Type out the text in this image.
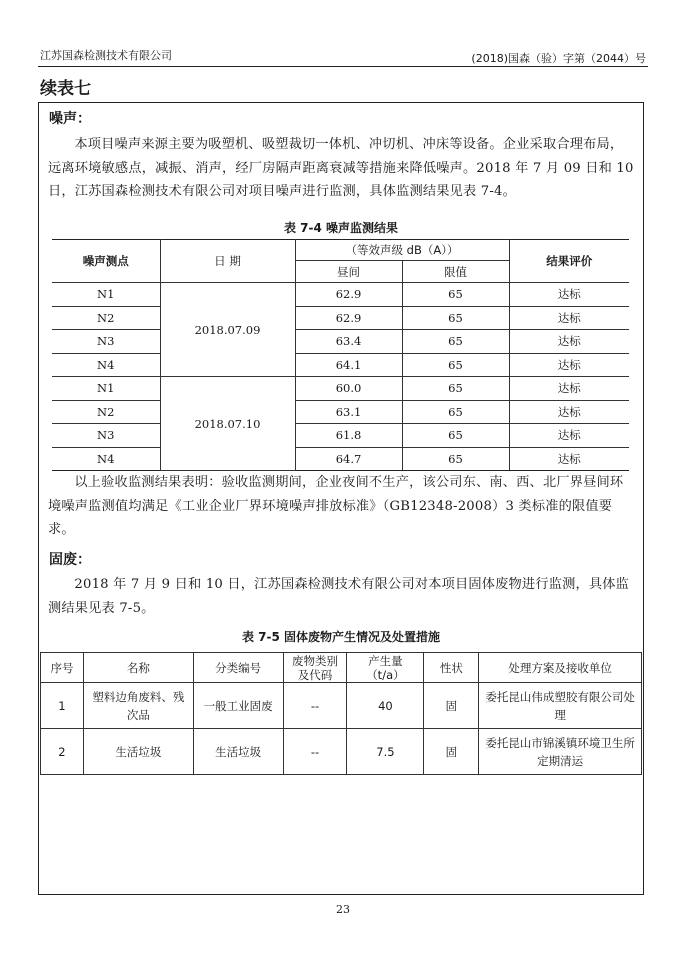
江苏国森检测技术有限公司	(2018)国森（验）字第（2044）号
续表七
噪声：

本项目噪声来源主要为吸塑机、吸塑裁切一体机、冲切机、冲床等设备。企业采取合理布局，远离环境敏感点，减振、消声，经厂房隔声距离衰减等措施来降低噪声。2018 年 7 月 09 日和 10 日，江苏国森检测技术有限公司对项目噪声进行监测，具体监测结果见表 7-4。

表 7-4 噪声监测结果
噪声测点	日 期	（等效声级 dB（A））		结果评价
		昼间	限值	
N1	2018.07.09	62.9	65	达标
N2		62.9	65	达标
N3		63.4	65	达标
N4		64.1	65	达标
N1	2018.07.10	60.0	65	达标
N2		63.1	65	达标
N3		61.8	65	达标
N4		64.7	65	达标

以上验收监测结果表明：验收监测期间，企业夜间不生产，该公司东、南、西、北厂界昼间环境噪声监测值均满足《工业企业厂界环境噪声排放标准》（GB12348-2008）3 类标准的限值要求。

固废：

2018 年 7 月 9 日和 10 日，江苏国森检测技术有限公司对本项目固体废物进行监测，具体监测结果见表 7-5。

表 7-5 固体废物产生情况及处置措施
序号	名称	分类编号	废物类别及代码	产生量（t/a）	性状	处理方案及接收单位
1	塑料边角废料、残次品	一般工业固废	--	40	固	委托昆山伟成塑胶有限公司处理
2	生活垃圾	生活垃圾	--	7.5	固	委托昆山市锦溪镇环境卫生所定期清运
23
